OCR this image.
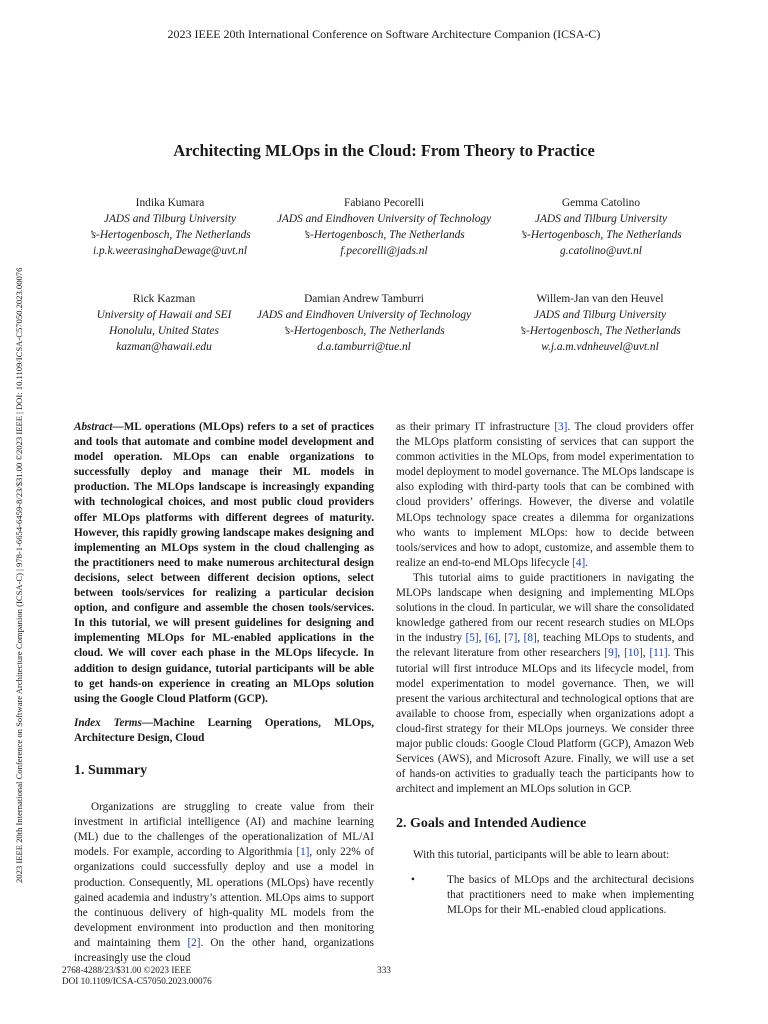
2023 IEEE 20th International Conference on Software Architecture Companion (ICSA-C)
2023 IEEE 20th International Conference on Software Architecture Companion (ICSA-C) | 978-1-6654-6459-8/23/$31.00 ©2023 IEEE | DOI: 10.1109/ICSA-C57050.2023.00076
Architecting MLOps in the Cloud: From Theory to Practice
Indika Kumara
JADS and Tilburg University
’s-Hertogenbosch, The Netherlands
i.p.k.weerasinghaDewage@uvt.nl
Fabiano Pecorelli
JADS and Eindhoven University of Technology
’s-Hertogenbosch, The Netherlands
f.pecorelli@jads.nl
Gemma Catolino
JADS and Tilburg University
’s-Hertogenbosch, The Netherlands
g.catolino@uvt.nl
Rick Kazman
University of Hawaii and SEI
Honolulu, United States
kazman@hawaii.edu
Damian Andrew Tamburri
JADS and Eindhoven University of Technology
’s-Hertogenbosch, The Netherlands
d.a.tamburri@tue.nl
Willem-Jan van den Heuvel
JADS and Tilburg University
’s-Hertogenbosch, The Netherlands
w.j.a.m.vdnheuvel@uvt.nl

Abstract—ML operations (MLOps) refers to a set of practices and tools that automate and combine model development and model operation. MLOps can enable organizations to successfully deploy and manage their ML models in production. The MLOps landscape is increasingly expanding with technological choices, and most public cloud providers offer MLOps platforms with different degrees of maturity. However, this rapidly growing landscape makes designing and implementing an MLOps system in the cloud challenging as the practitioners need to make numerous architectural design decisions, select between different decision options, select between tools/services for realizing a particular decision option, and configure and assemble the chosen tools/services. In this tutorial, we will present guidelines for designing and implementing MLOps for ML-enabled applications in the cloud. We will cover each phase in the MLOps lifecycle. In addition to design guidance, tutorial participants will be able to get hands-on experience in creating an MLOps solution using the Google Cloud Platform (GCP).

Index Terms—Machine Learning Operations, MLOps, Architecture Design, Cloud

1. Summary

Organizations are struggling to create value from their investment in artificial intelligence (AI) and machine learning (ML) due to the challenges of the operationalization of ML/AI models. For example, according to Algorithmia [1], only 22% of organizations could successfully deploy and use a model in production. Consequently, ML operations (MLOps) have recently gained academia and industry’s attention. MLOps aims to support the continuous delivery of high-quality ML models from the development environment into production and then monitoring and maintaining them [2]. On the other hand, organizations increasingly use the cloud

as their primary IT infrastructure [3]. The cloud providers offer the MLOps platform consisting of services that can support the common activities in the MLOps, from model experimentation to model deployment to model governance. The MLOps landscape is also exploding with third-party tools that can be combined with cloud providers’ offerings. However, the diverse and volatile MLOps technology space creates a dilemma for organizations who wants to implement MLOps: how to decide between tools/services and how to adopt, customize, and assemble them to realize an end-to-end MLOps lifecycle [4].

This tutorial aims to guide practitioners in navigating the MLOPs landscape when designing and implementing MLOps solutions in the cloud. In particular, we will share the consolidated knowledge gathered from our recent research studies on MLOps in the industry [5], [6], [7], [8], teaching MLOps to students, and the relevant literature from other researchers [9], [10], [11]. This tutorial will first introduce MLOps and its lifecycle model, from model experimentation to model governance. Then, we will present the various architectural and technological options that are available to choose from, especially when organizations adopt a cloud-first strategy for their MLOps journeys. We consider three major public clouds: Google Cloud Platform (GCP), Amazon Web Services (AWS), and Microsoft Azure. Finally, we will use a set of hands-on activities to gradually teach the participants how to architect and implement an MLOps solution in GCP.

2. Goals and Intended Audience

With this tutorial, participants will be able to learn about:

•	The basics of MLOps and the architectural decisions that practitioners need to make when implementing MLOps for their ML-enabled cloud applications.
2768-4288/23/$31.00 ©2023 IEEE
DOI 10.1109/ICSA-C57050.2023.00076
333
